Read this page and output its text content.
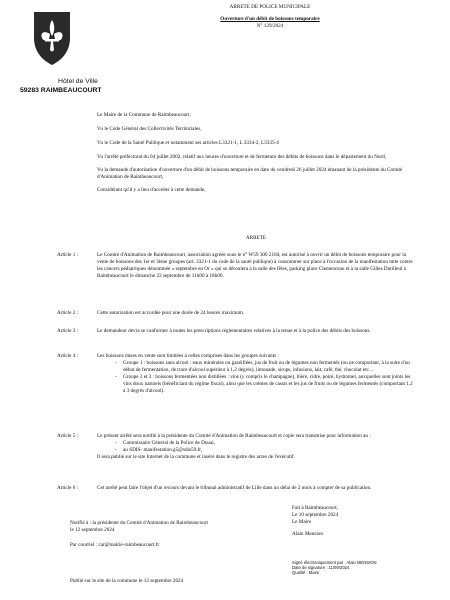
Hôtel de Ville
59283 RAIMBEAUCOURT
ARRETE DE POLICE MUNICIPALE
Ouverture d'un débit de boissons temporaire
N° 129/2024
Le Maire de la Commune de Raimbeaucourt,
Vu le Code Général des Collectivités Territoriales,
Vu le Code de la Santé Publique et notamment ses articles L3321-1, L 3334-2, L3335-4
Vu l'arrêté préfectoral du 04 juillet 2002, relatif aux heures d'ouverture et de fermeture des débits de boissons dans le département du Nord,
Vu la demande d'autorisation d'ouverture d'un débit de boissons temporaire en date du vendredi 26 juillet 2024 émanant de la présidente du Comité d'Animation de Raimbeaucourt,
Considérant qu'il y a lieu d'accéder à cette demande,
ARRETE
Article 1 :	Le Comité d'Animation de Raimbeaucourt, association agréée sous le n° W59 300 2184, est autorisé à ouvrir un débit de boissons temporaire pour la vente de boissons des 1er et 3ème groupes (art. 3321-1 du code de la santé publique) à consommer sur place à l'occasion de la manifestation lutte contre les cancers pédiatriques dénommée « septembre en Or » qui se déroulera à la salle des fêtes, parking place Clemenceau et à la salle Gilles Dutilleul à Raimbeaucourt le dimanche 22 septembre de 11h00 à 18h00.
Article 2 :	Cette autorisation est accordée pour une durée de 24 heures maximum.
Article 3 :	Le demandeur devra se conformer à toutes les prescriptions réglementaires relatives à la tenue et à la police des débits des boissons.
Article 4 :	Les boissons mises en vente sont limitées à celles comprises dans les groupes suivants :
- Groupe 1 : boissons sans alcool : eaux minérales ou gazéifiées, jus de fruit ou de légumes non fermentés (ou ne comportant, à la suite d'un début de fermentation, de trace d'alcool supérieur à 1,2 degrés), limonade, sirops, infusions, lait, café, thé, chocolat etc…
- Groupe 2 et 3 : boissons fermentées non distillées : vins (y compris le champagne), bière, cidre, poiré, hydromel, auxquelles sont joints les vins doux naturels (bénéficiant du régime fiscal), ainsi que les crèmes de cassis et les jus de fruits ou de légumes fermentés (comportant 1,2 à 3 degrés d'alcool).
Article 5 :	Le présent arrêté sera notifié à la présidente du Comité d'Animation de Raimbeaucourt et copie sera transmise pour information au :
- Commissaire Général de la Police de Douai,
- au SDIS- manifestation.g5@sdis59.fr,
Il sera publié sur le site Internet de la commune et inséré dans le registre des actes de l'exécutif.
Article 6 :	Cet arrêté peut faire l'objet d'un recours devant le tribunal administratif de Lille dans un délai de 2 mois à compter de sa publication.
Fait à Raimbeaucourt,
Le 10 septembre 2024
Le Maire
Alain Mension
Notifié à : la présidente du Comité d'Animation de Raimbeaucourt
le 12 septembre 2024
Par courriel : car@mairie-raimbeaucourt.fr
Signé électroniquement par : Alain MENSION
Date de signature : 11/09/2024
Qualité : Maire
Publié sur le site de la commune le 12 septembre 2024
